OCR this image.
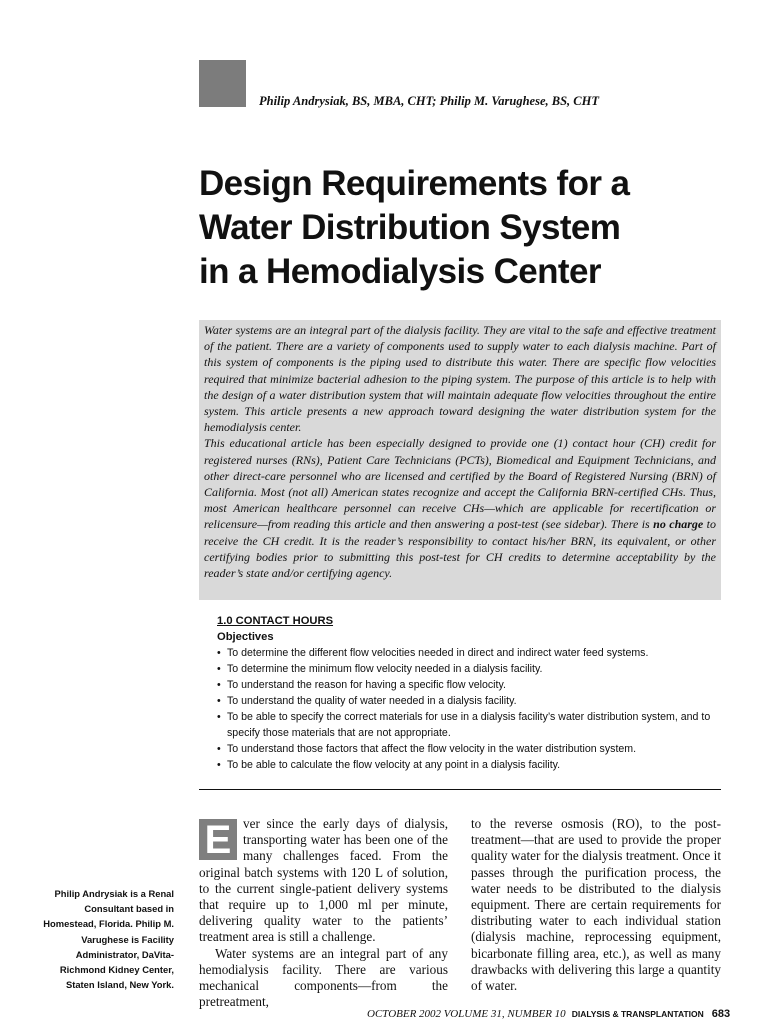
Philip Andrysiak, BS, MBA, CHT; Philip M. Varughese, BS, CHT
Design Requirements for a
Water Distribution System
in a Hemodialysis Center

Water systems are an integral part of the dialysis facility. They are vital to the safe and effective treatment of the patient. There are a variety of components used to supply water to each dialysis machine. Part of this system of components is the piping used to distribute this water. There are specific flow velocities required that minimize bacterial adhesion to the piping system. The purpose of this article is to help with the design of a water distribution system that will maintain adequate flow velocities throughout the entire system. This article presents a new approach toward designing the water distribution system for the hemodialysis center.

This educational article has been especially designed to provide one (1) contact hour (CH) credit for registered nurses (RNs), Patient Care Technicians (PCTs), Biomedical and Equipment Technicians, and other direct-care personnel who are licensed and certified by the Board of Registered Nursing (BRN) of California. Most (not all) American states recognize and accept the California BRN-certified CHs. Thus, most American healthcare personnel can receive CHs—which are applicable for recertification or relicensure—from reading this article and then answering a post-test (see sidebar). There is no charge to receive the CH credit. It is the reader’s responsibility to contact his/her BRN, its equivalent, or other certifying bodies prior to submitting this post-test for CH credits to determine acceptability by the reader’s state and/or certifying agency.

1.0 CONTACT HOURS
Objectives
• To determine the different flow velocities needed in direct and indirect water feed systems.
• To determine the minimum flow velocity needed in a dialysis facility.
• To understand the reason for having a specific flow velocity.
• To understand the quality of water needed in a dialysis facility.
• To be able to specify the correct materials for use in a dialysis facility’s water distribution system, and to specify those materials that are not appropriate.
• To understand those factors that affect the flow velocity in the water distribution system.
• To be able to calculate the flow velocity at any point in a dialysis facility.
Philip Andrysiak is a Renal Consultant based in Homestead, Florida. Philip M. Varughese is Facility Administrator, DaVita-Richmond Kidney Center, Staten Island, New York.
E ver since the early days of dialysis, transporting water has been one of the many challenges faced. From the original batch systems with 120 L of solution, to the current single-patient delivery systems that require up to 1,000 ml per minute, delivering quality water to the patients’ treatment area is still a challenge.

Water systems are an integral part of any hemodialysis facility. There are various mechanical components—from the pretreatment,

to the reverse osmosis (RO), to the post-treatment—that are used to provide the proper quality water for the dialysis treatment. Once it passes through the purification process, the water needs to be distributed to the dialysis equipment. There are certain requirements for distributing water to each individual station (dialysis machine, reprocessing equipment, bicarbonate filling area, etc.), as well as many drawbacks with delivering this large a quantity of water.

OCTOBER 2002 VOLUME 31, NUMBER 10 DIALYSIS & TRANSPLANTATION 683
